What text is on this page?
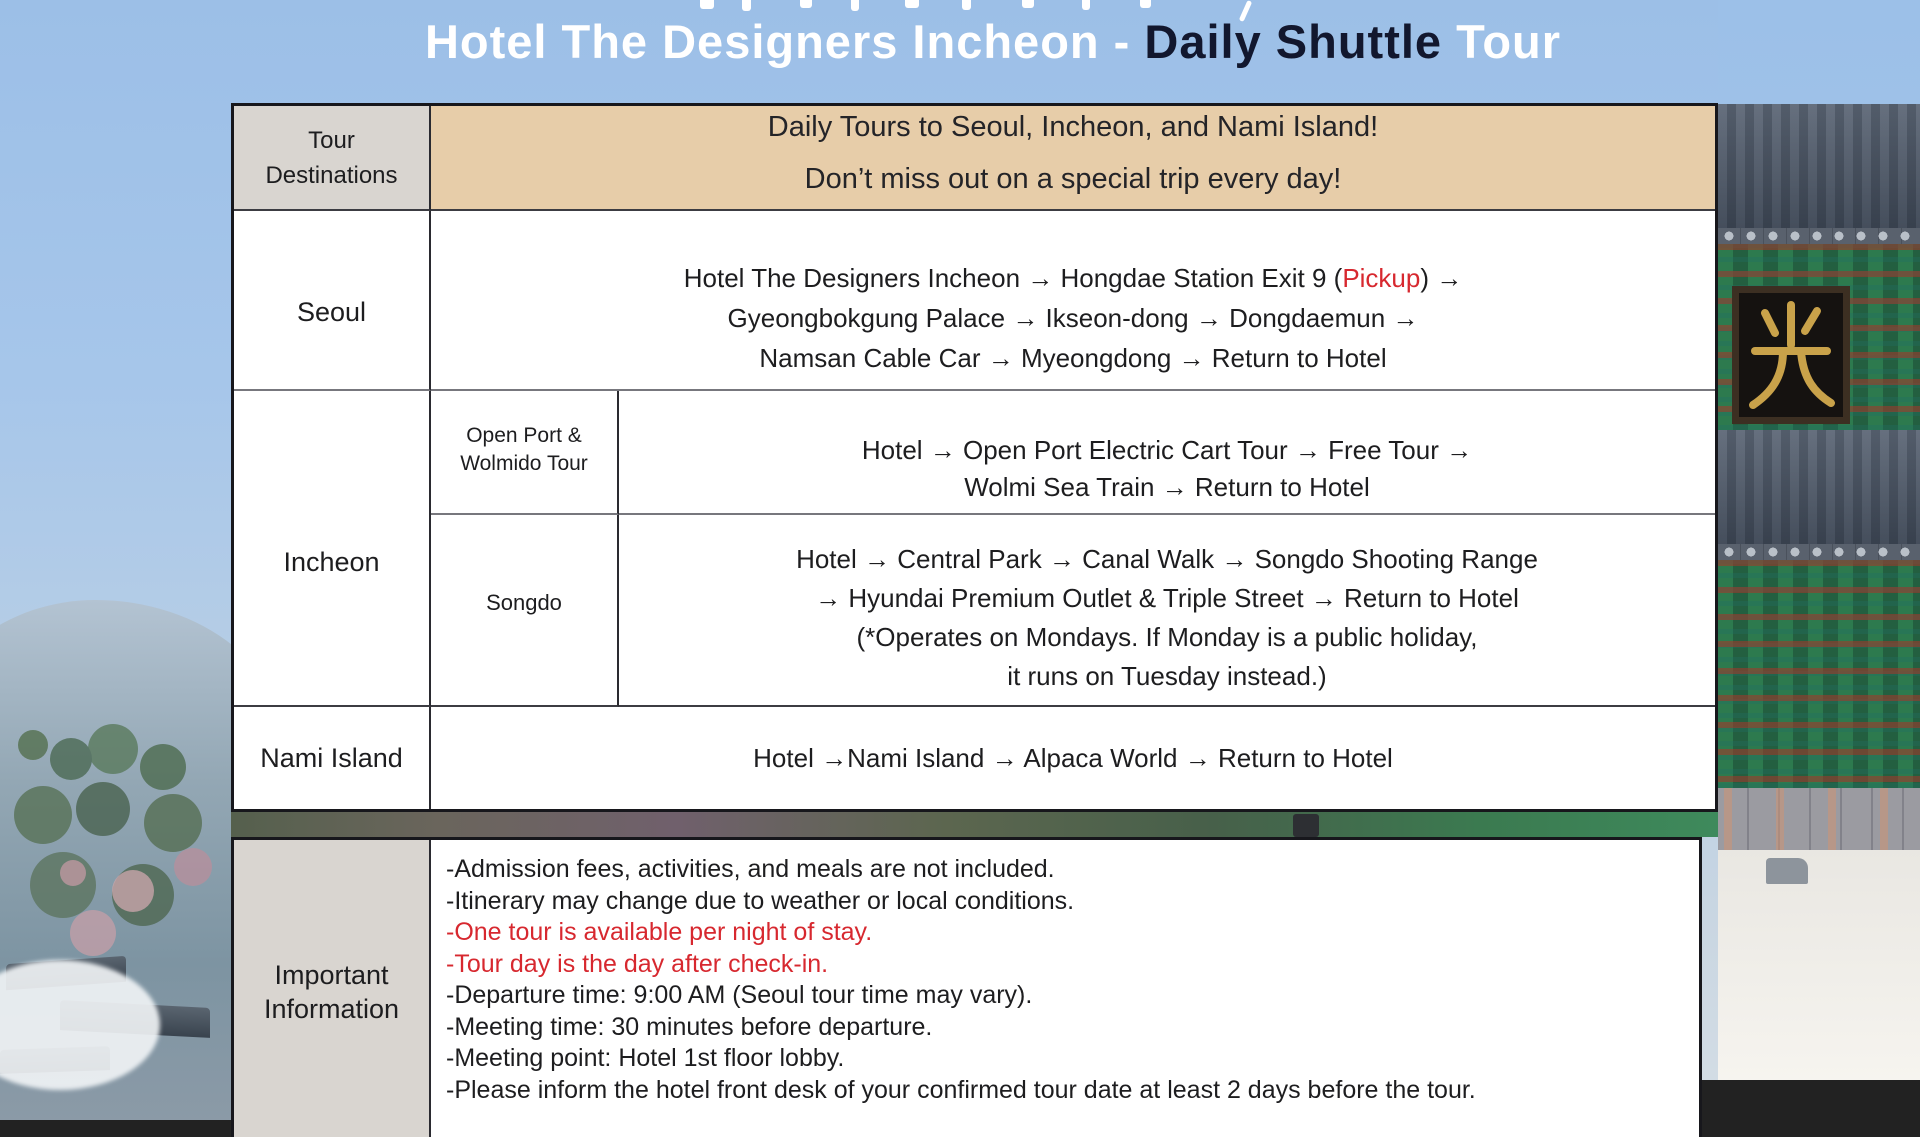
Hotel The Designers Incheon - Daily Shuttle Tour
Tour
Destinations
Daily Tours to Seoul, Incheon, and Nami Island!
Don’t miss out on a special trip every day!
Seoul
Hotel The Designers Incheon → Hongdae Station Exit 9 (Pickup) →
Gyeongbokgung Palace → Ikseon-dong → Dongdaemun →
Namsan Cable Car → Myeongdong → Return to Hotel
Incheon
Open Port &
Wolmido Tour	Hotel → Open Port Electric Cart Tour → Free Tour →
Wolmi Sea Train → Return to Hotel
Songdo
Hotel → Central Park → Canal Walk → Songdo Shooting Range
→ Hyundai Premium Outlet & Triple Street → Return to Hotel
(*Operates on Mondays. If Monday is a public holiday,
it runs on Tuesday instead.)
Nami Island	Hotel →Nami Island → Alpaca World → Return to Hotel
Important
Information
-Admission fees, activities, and meals are not included.
-Itinerary may change due to weather or local conditions.
-One tour is available per night of stay.
-Tour day is the day after check-in.
-Departure time: 9:00 AM (Seoul tour time may vary).
-Meeting time: 30 minutes before departure.
-Meeting point: Hotel 1st floor lobby.
-Please inform the hotel front desk of your confirmed tour date at least 2 days before the tour.
